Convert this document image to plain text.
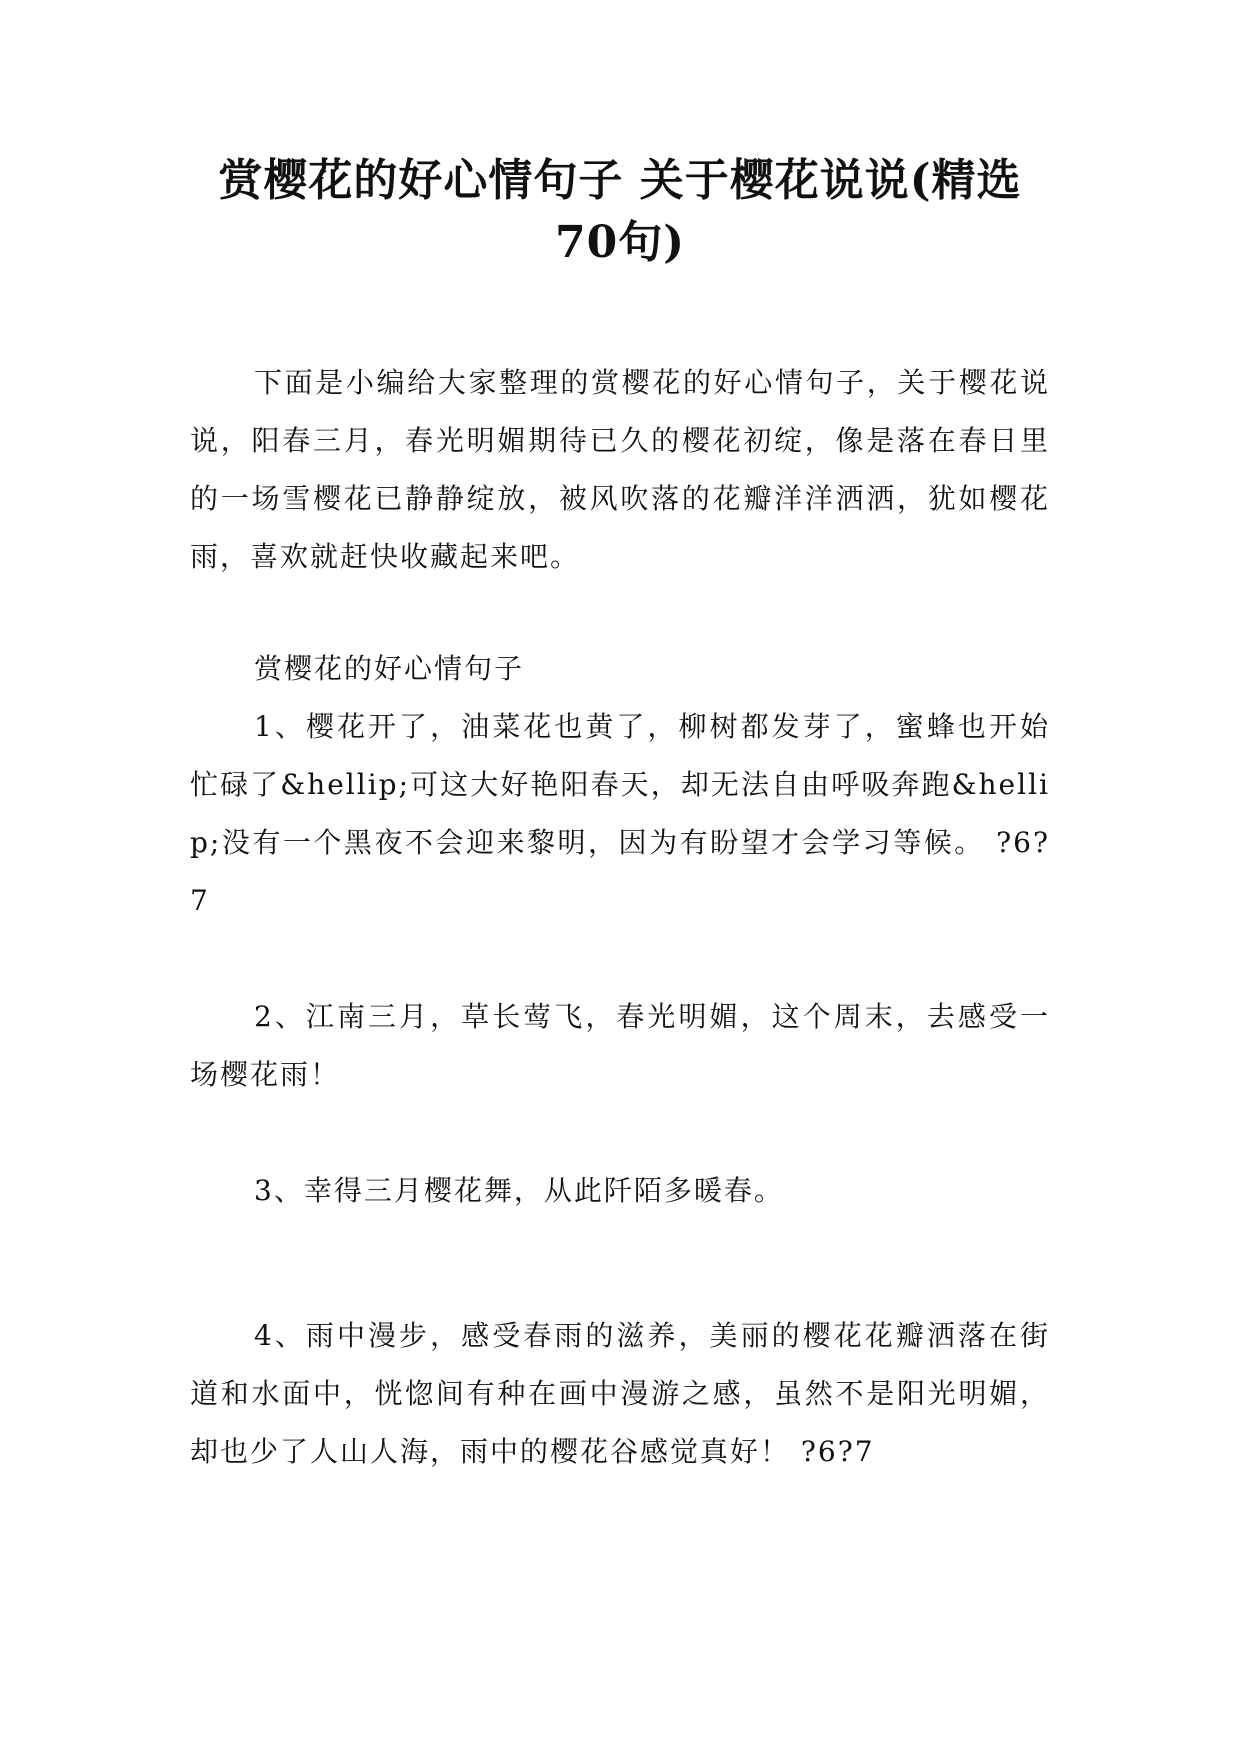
赏樱花的好心情句子 关于樱花说说(精选 70句)
下面是小编给大家整理的赏樱花的好心情句子，关于樱花说说，阳春三月，春光明媚期待已久的樱花初绽，像是落在春日里的一场雪樱花已静静绽放，被风吹落的花瓣洋洋洒洒，犹如樱花雨，喜欢就赶快收藏起来吧。
赏樱花的好心情句子
1、樱花开了，油菜花也黄了，柳树都发芽了，蜜蜂也开始忙碌了&hellip;可这大好艳阳春天，却无法自由呼吸奔跑&hellip;没有一个黑夜不会迎来黎明，因为有盼望才会学习等候。 ?6?7
2、江南三月，草长莺飞，春光明媚，这个周末，去感受一场樱花雨！
3、幸得三月樱花舞，从此阡陌多暖春。
4、雨中漫步，感受春雨的滋养，美丽的樱花花瓣洒落在街道和水面中，恍惚间有种在画中漫游之感，虽然不是阳光明媚，却也少了人山人海，雨中的樱花谷感觉真好！ ?6?7
